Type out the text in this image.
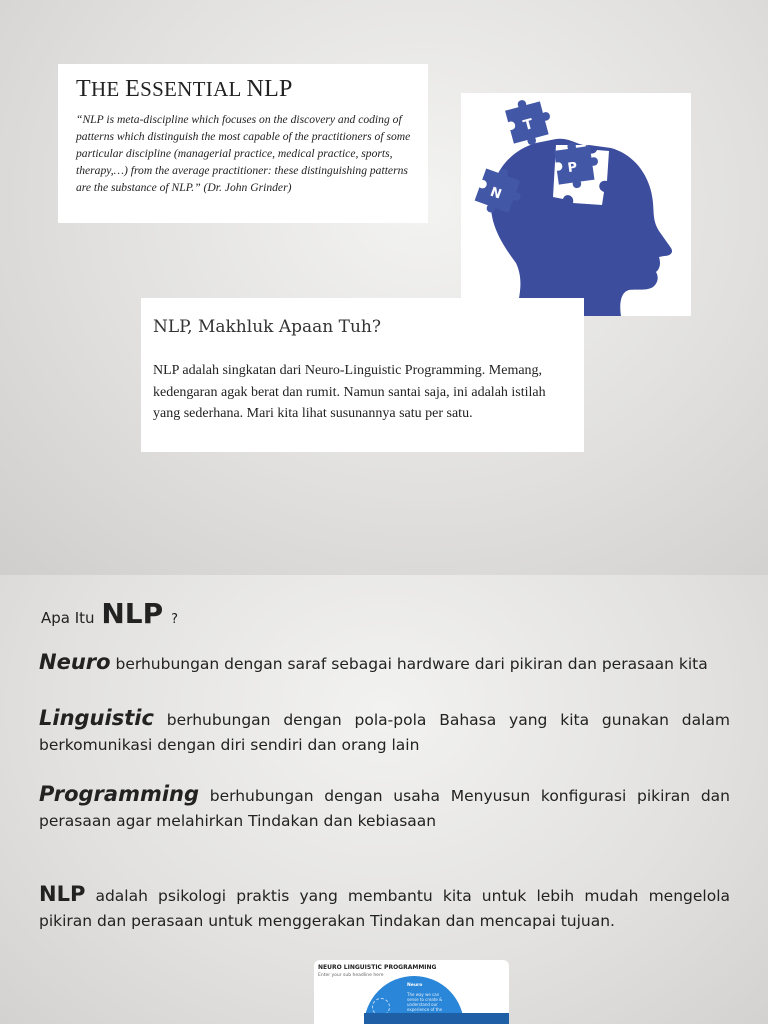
THE ESSENTIAL NLP

“NLP is meta-discipline which focuses on the discovery and coding of patterns which distinguish the most capable of the practitioners of some particular discipline (managerial practice, medical practice, sports, therapy,…) from the average practitioner: these distinguishing patterns are the substance of NLP.” (Dr. John Grinder)

T
N
P
NLP, Makhluk Apaan Tuh?

NLP adalah singkatan dari Neuro-Linguistic Programming. Memang, kedengaran agak berat dan rumit. Namun santai saja, ini adalah istilah yang sederhana. Mari kita lihat susunannya satu per satu.

Apa Itu NLP ?

Neuro berhubungan dengan saraf sebagai hardware dari pikiran dan perasaan kita

Linguistic berhubungan dengan pola-pola Bahasa yang kita gunakan dalam berkomunikasi dengan diri sendiri dan orang lain

Programming berhubungan dengan usaha Menyusun konfigurasi pikiran dan perasaan agar melahirkan Tindakan dan kebiasaan

NLP adalah psikologi praktis yang membantu kita untuk lebih mudah mengelola pikiran dan perasaan untuk menggerakan Tindakan dan mencapai tujuan.

NEURO LINGUISTIC PROGRAMMING
Enter your sub headline here
Neuro
The way we can sense to create & understand our experience of the
